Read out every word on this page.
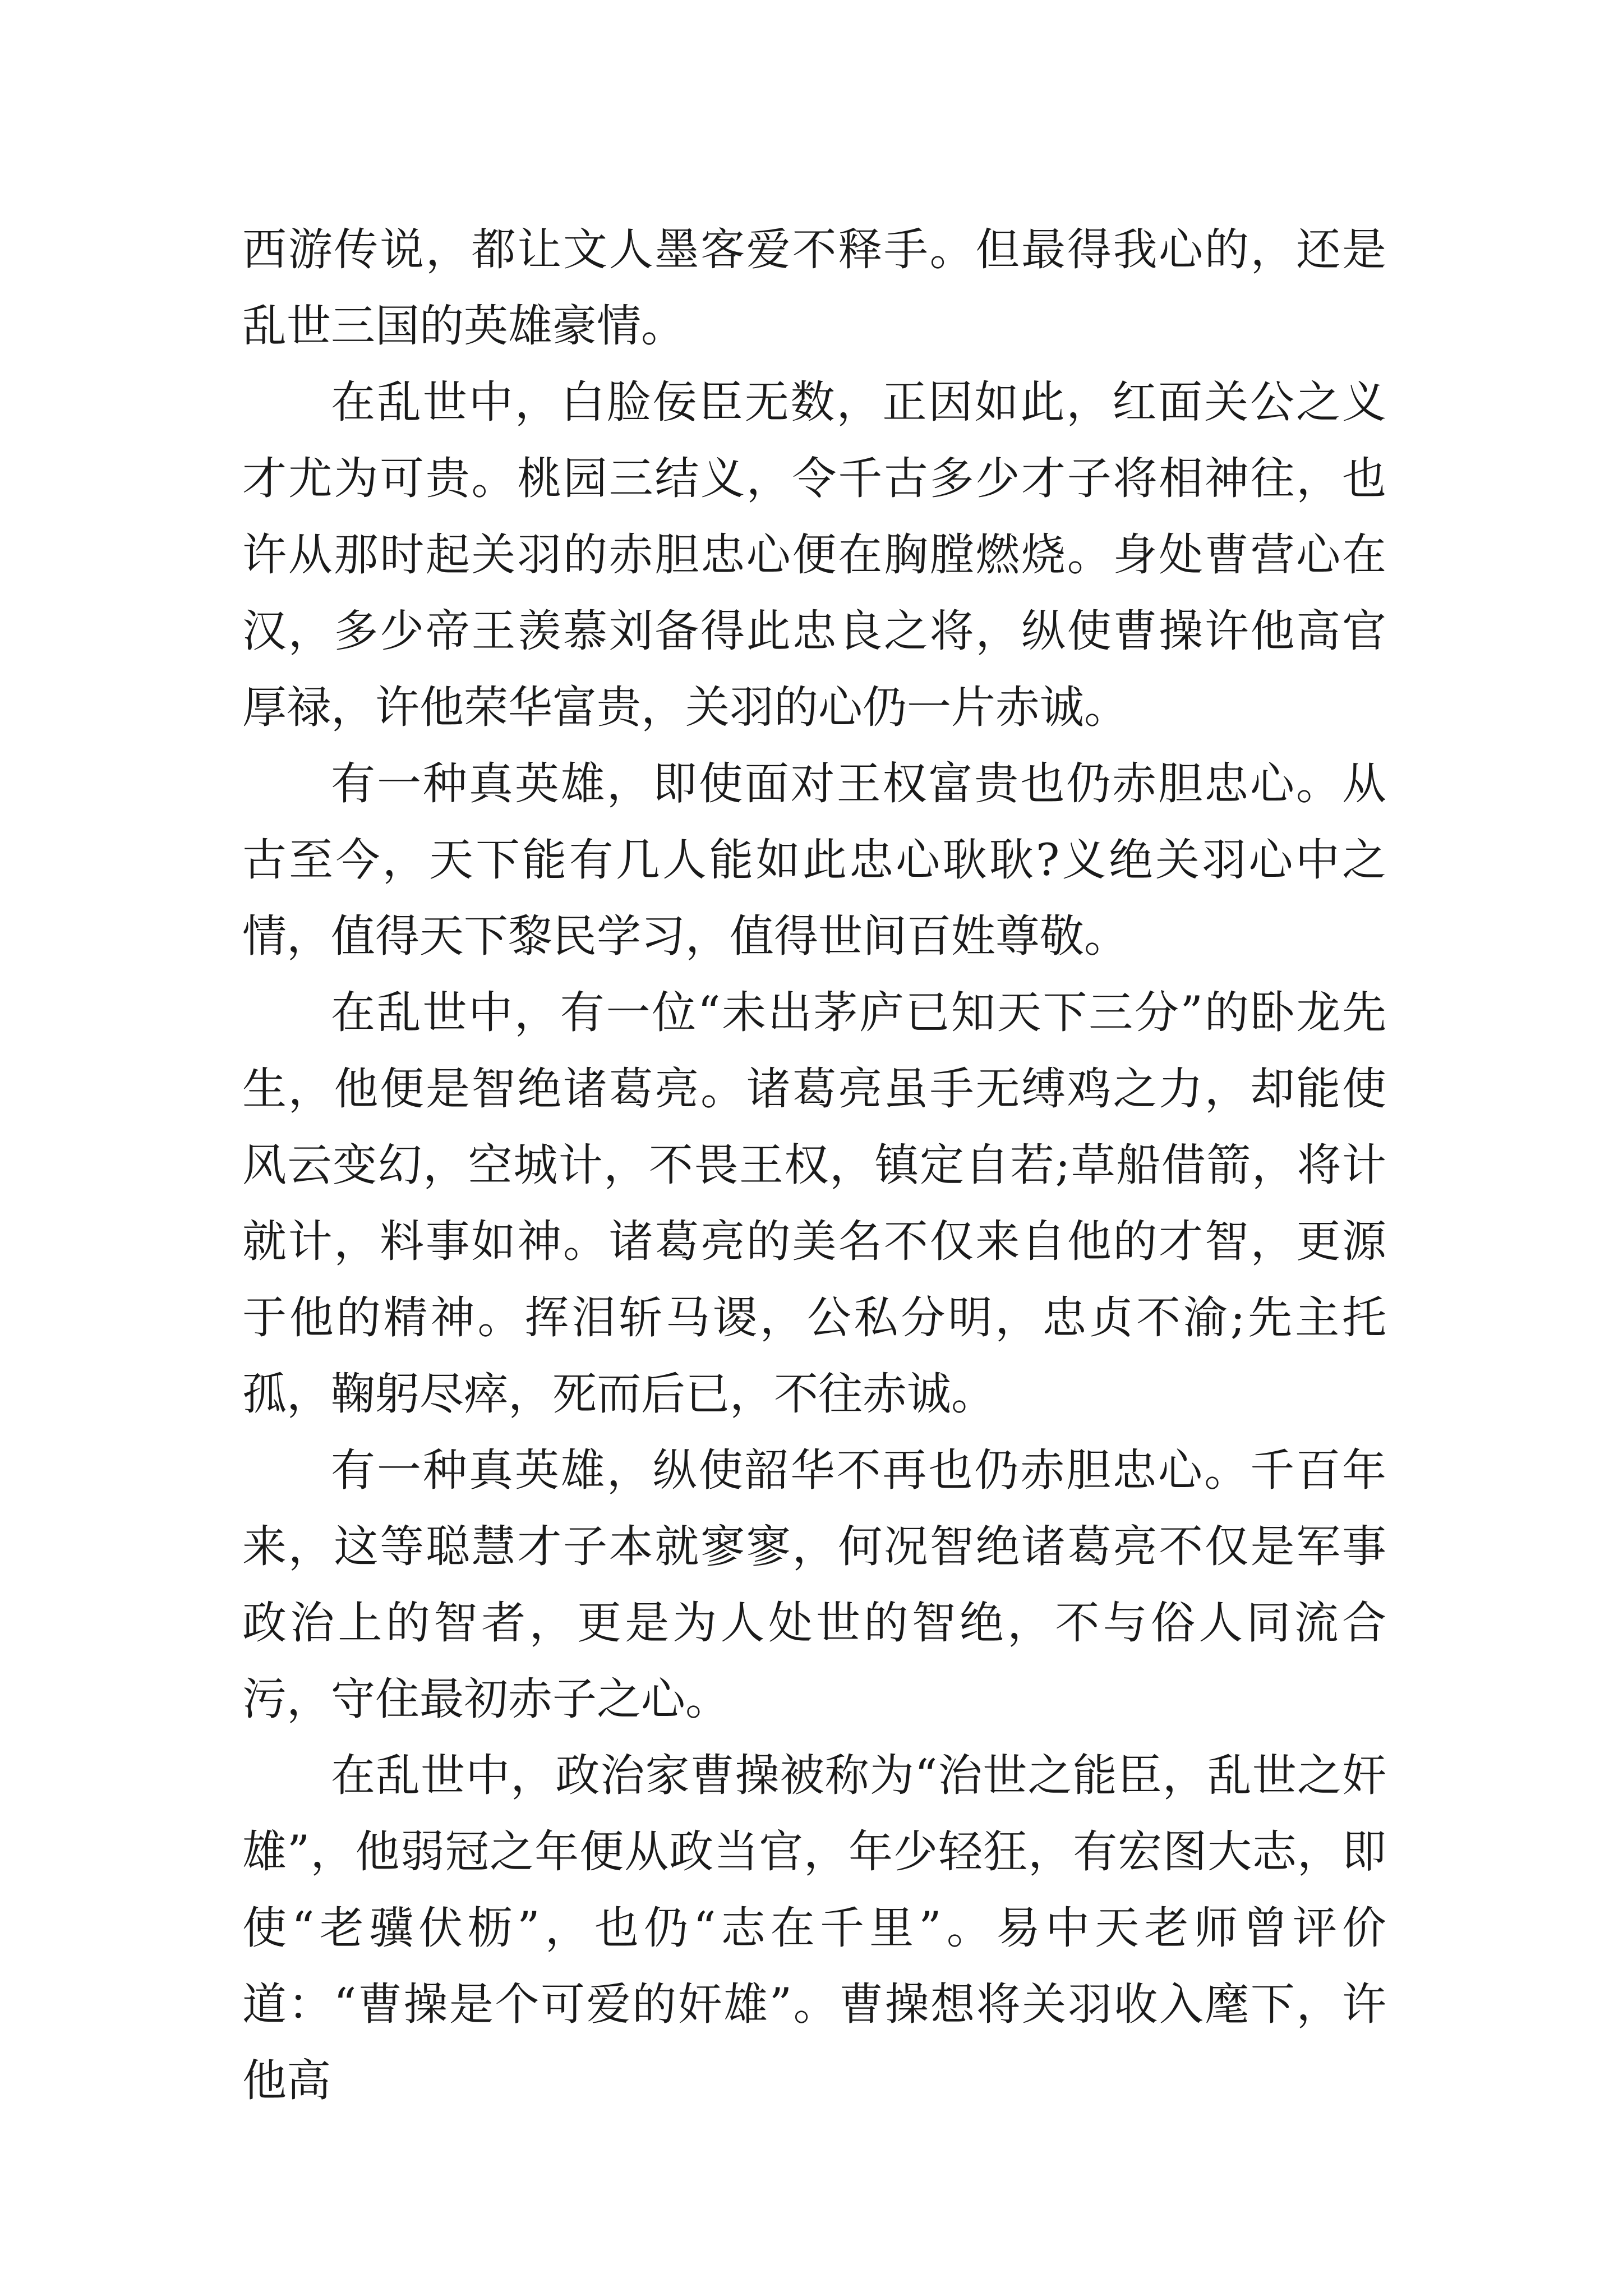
西游传说，都让文人墨客爱不释手。但最得我心的，还是乱世三国的英雄豪情。

在乱世中，白脸佞臣无数，正因如此，红面关公之义才尤为可贵。桃园三结义，令千古多少才子将相神往，也许从那时起关羽的赤胆忠心便在胸膛燃烧。身处曹营心在汉，多少帝王羡慕刘备得此忠良之将，纵使曹操许他高官厚禄，许他荣华富贵，关羽的心仍一片赤诚。

有一种真英雄，即使面对王权富贵也仍赤胆忠心。从古至今，天下能有几人能如此忠心耿耿?义绝关羽心中之情，值得天下黎民学习，值得世间百姓尊敬。

在乱世中，有一位“未出茅庐已知天下三分”的卧龙先生，他便是智绝诸葛亮。诸葛亮虽手无缚鸡之力，却能使风云变幻，空城计，不畏王权，镇定自若;草船借箭，将计就计，料事如神。诸葛亮的美名不仅来自他的才智，更源于他的精神。挥泪斩马谡，公私分明，忠贞不渝;先主托孤，鞠躬尽瘁，死而后已，不往赤诚。

有一种真英雄，纵使韶华不再也仍赤胆忠心。千百年来，这等聪慧才子本就寥寥，何况智绝诸葛亮不仅是军事政治上的智者，更是为人处世的智绝，不与俗人同流合污，守住最初赤子之心。

在乱世中，政治家曹操被称为“治世之能臣，乱世之奸雄”，他弱冠之年便从政当官，年少轻狂，有宏图大志，即使“老骥伏枥”，也仍“志在千里”。易中天老师曾评价道：“曹操是个可爱的奸雄”。曹操想将关羽收入麾下，许他高
